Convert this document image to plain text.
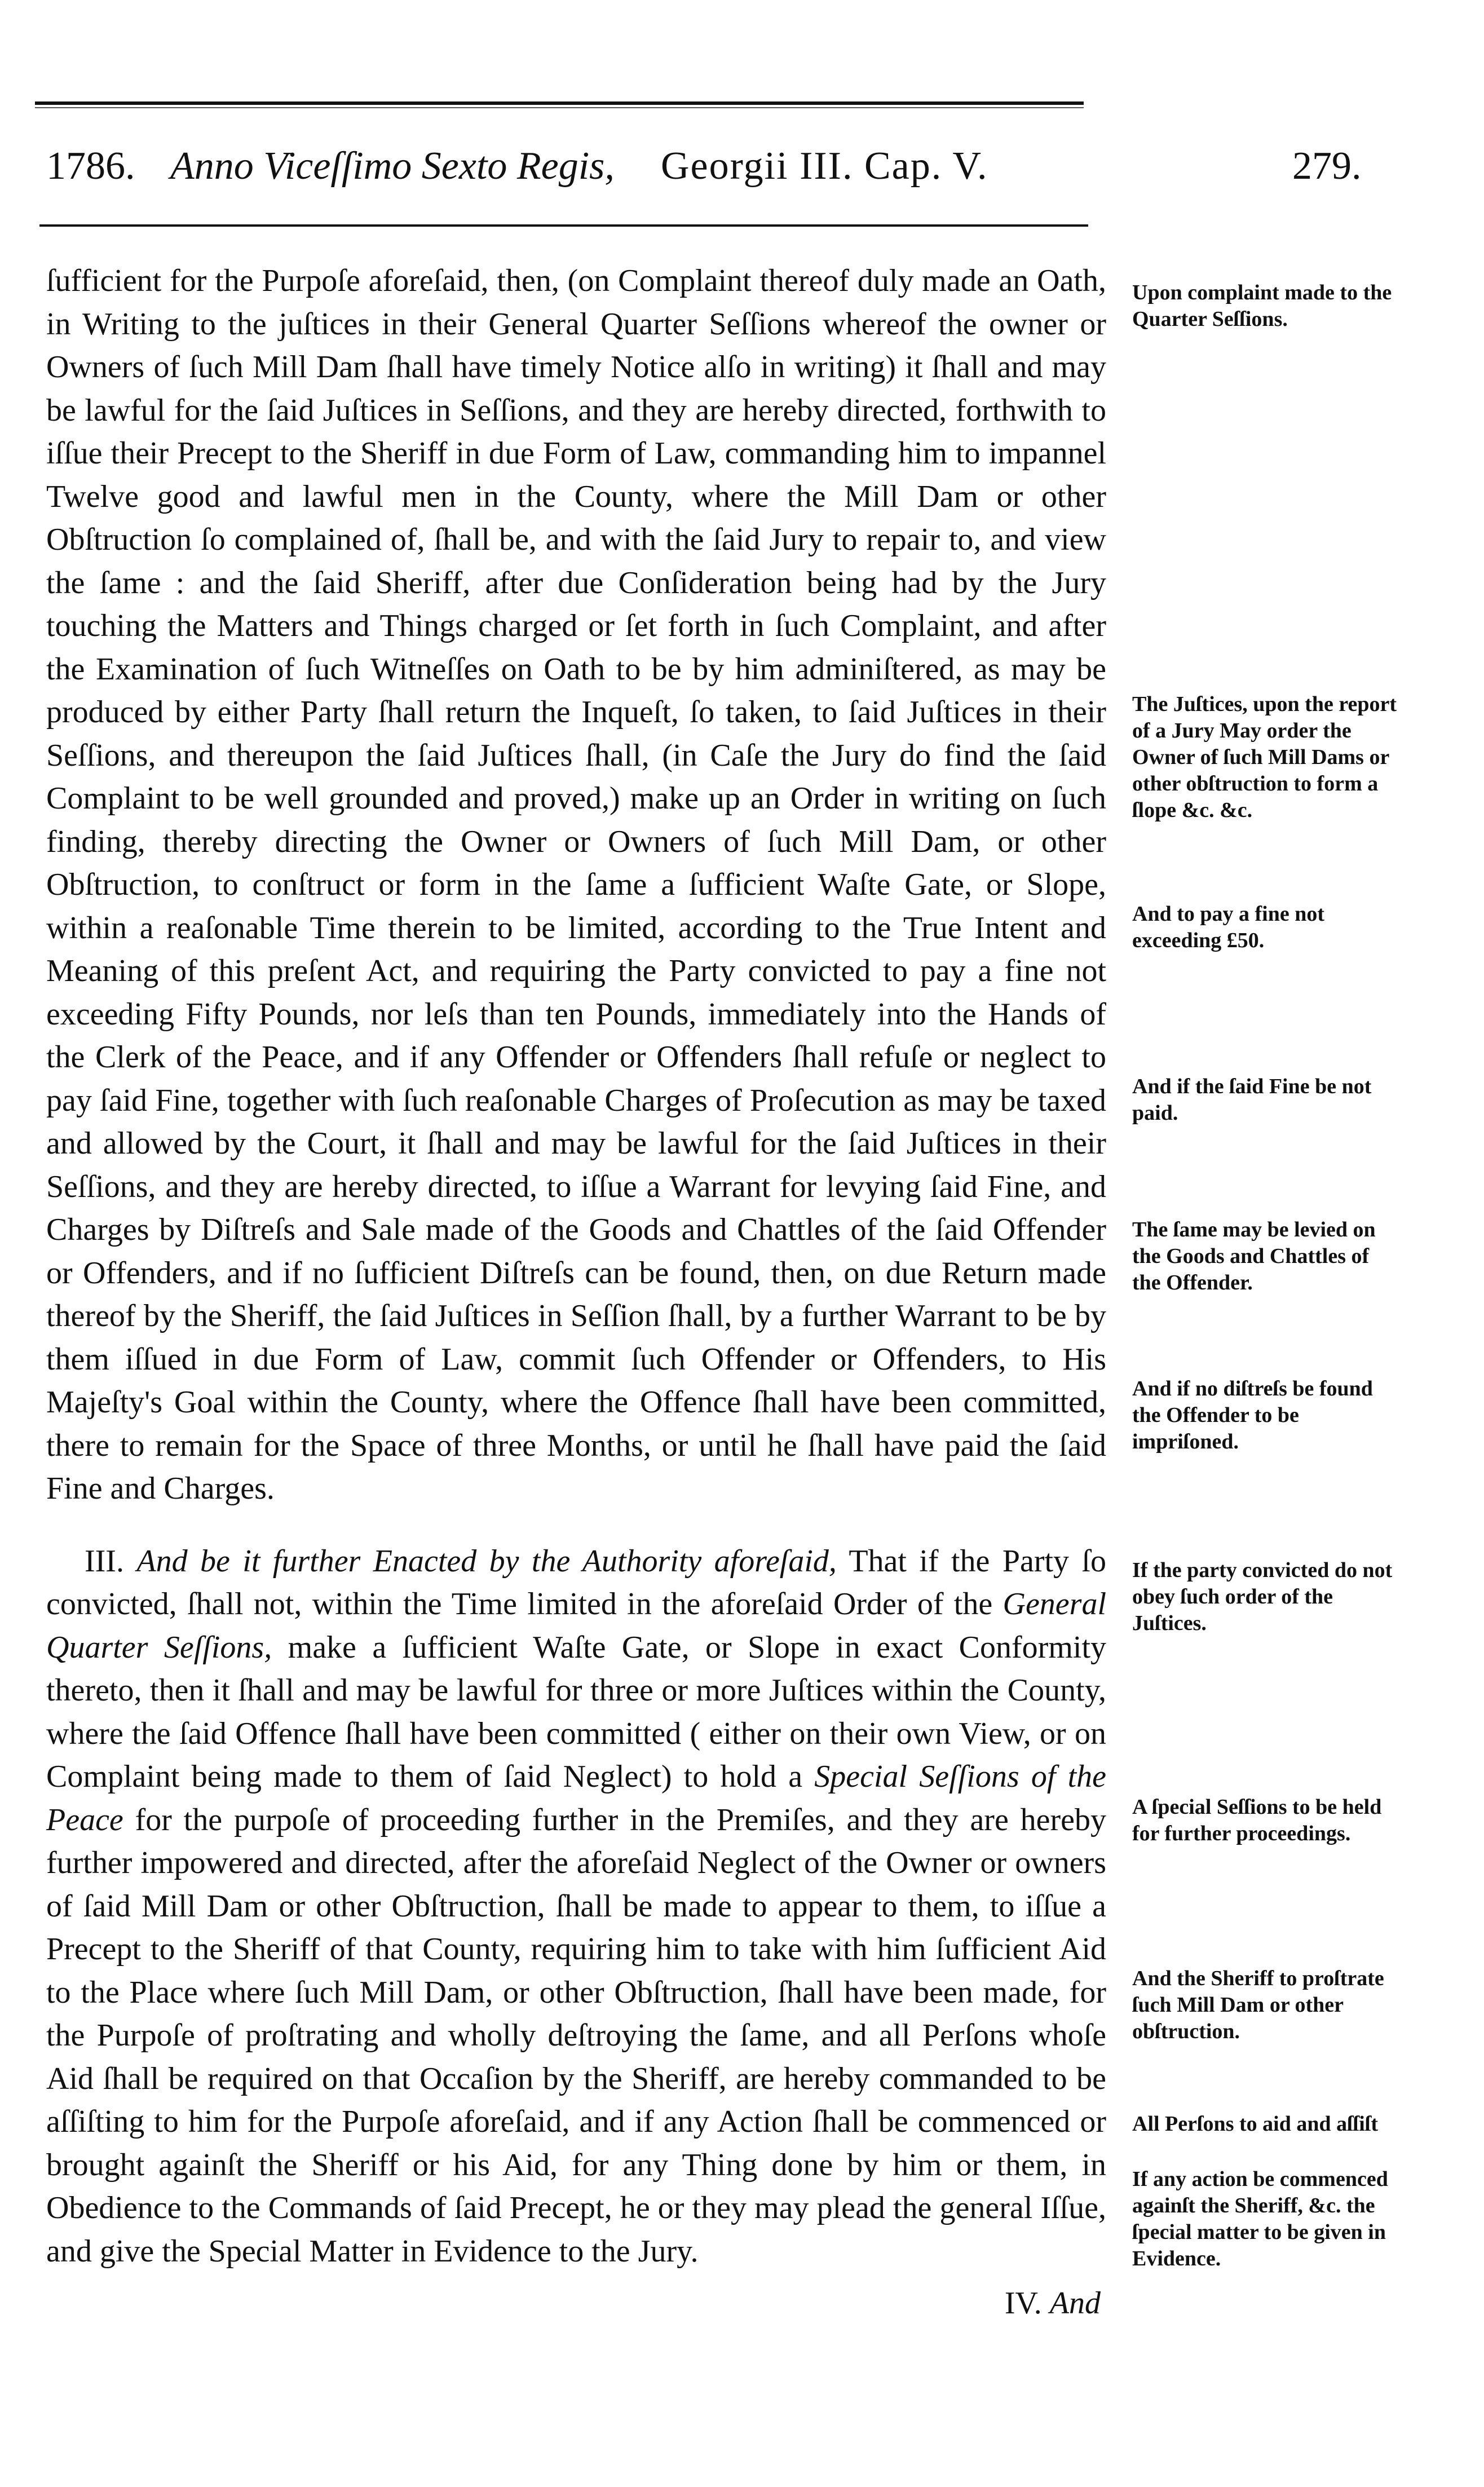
1786. Anno Viceſſimo Sexto Regis, Georgii III. Cap. V.	279.

ſufficient for the Purpoſe aforeſaid, then, (on Complaint thereof duly made an Oath, in Writing to the juſtices in their General Quarter Seſſions whereof the owner or Owners of ſuch Mill Dam ſhall have timely Notice alſo in writing) it ſhall and may be lawful for the ſaid Juſtices in Seſſions, and they are hereby directed, forthwith to iſſue their Precept to the Sheriff in due Form of Law, commanding him to impannel Twelve good and lawful men in the County, where the Mill Dam or other Obſtruction ſo complained of, ſhall be, and with the ſaid Jury to repair to, and view the ſame : and the ſaid Sheriff, after due Conſideration being had by the Jury touching the Matters and Things charged or ſet forth in ſuch Complaint, and after the Examination of ſuch Witneſſes on Oath to be by him adminiſtered, as may be produced by either Party ſhall return the Inqueſt, ſo taken, to ſaid Juſtices in their Seſſions, and thereupon the ſaid Juſtices ſhall, (in Caſe the Jury do find the ſaid Complaint to be well grounded and proved,) make up an Order in writing on ſuch finding, thereby directing the Owner or Owners of ſuch Mill Dam, or other Obſtruction, to conſtruct or form in the ſame a ſufficient Waſte Gate, or Slope, within a reaſonable Time therein to be limited, according to the True Intent and Meaning of this preſent Act, and requiring the Party convicted to pay a fine not exceeding Fifty Pounds, nor leſs than ten Pounds, immediately into the Hands of the Clerk of the Peace, and if any Offender or Offenders ſhall refuſe or neglect to pay ſaid Fine, together with ſuch reaſonable Charges of Proſecution as may be taxed and allowed by the Court, it ſhall and may be lawful for the ſaid Juſtices in their Seſſions, and they are hereby directed, to iſſue a Warrant for levying ſaid Fine, and Charges by Diſtreſs and Sale made of the Goods and Chattles of the ſaid Offender or Offenders, and if no ſufficient Diſtreſs can be found, then, on due Return made thereof by the Sheriff, the ſaid Juſtices in Seſſion ſhall, by a further Warrant to be by them iſſued in due Form of Law, commit ſuch Offender or Offenders, to His Majeſty's Goal within the County, where the Offence ſhall have been committed, there to remain for the Space of three Months, or until he ſhall have paid the ſaid Fine and Charges.

III. And be it further Enacted by the Authority aforeſaid, That if the Party ſo convicted, ſhall not, within the Time limited in the aforeſaid Order of the General Quarter Seſſions, make a ſufficient Waſte Gate, or Slope in exact Conformity thereto, then it ſhall and may be lawful for three or more Juſtices within the County, where the ſaid Offence ſhall have been committed ( either on their own View, or on Complaint being made to them of ſaid Neglect) to hold a Special Seſſions of the Peace for the purpoſe of proceeding further in the Premiſes, and they are hereby further impowered and directed, after the aforeſaid Neglect of the Owner or owners of ſaid Mill Dam or other Obſtruction, ſhall be made to appear to them, to iſſue a Precept to the Sheriff of that County, requiring him to take with him ſufficient Aid to the Place where ſuch Mill Dam, or other Obſtruction, ſhall have been made, for the Purpoſe of proſtrating and wholly deſtroying the ſame, and all Perſons whoſe Aid ſhall be required on that Occaſion by the Sheriff, are hereby commanded to be aſſiſting to him for the Purpoſe aforeſaid, and if any Action ſhall be commenced or brought againſt the Sheriff or his Aid, for any Thing done by him or them, in Obedience to the Commands of ſaid Precept, he or they may plead the general Iſſue, and give the Special Matter in Evidence to the Jury.

IV. And

Upon complaint made to the Quarter Seſſions.

The Juſtices, upon the report of a Jury May order the Owner of ſuch Mill Dams or other obſtruction to form a ſlope &c. &c.

And to pay a fine not exceeding £50.

And if the ſaid Fine be not paid.

The ſame may be levied on the Goods and Chattles of the Offender.

And if no diſtreſs be found the Offender to be impriſoned.

If the party convicted do not obey ſuch order of the Juſtices.

A ſpecial Seſſions to be held for further proceedings.

And the Sheriff to proſtrate ſuch Mill Dam or other obſtruction.

All Perſons to aid and aſſiſt

If any action be commenced againſt the Sheriff, &c. the ſpecial matter to be given in Evidence.
